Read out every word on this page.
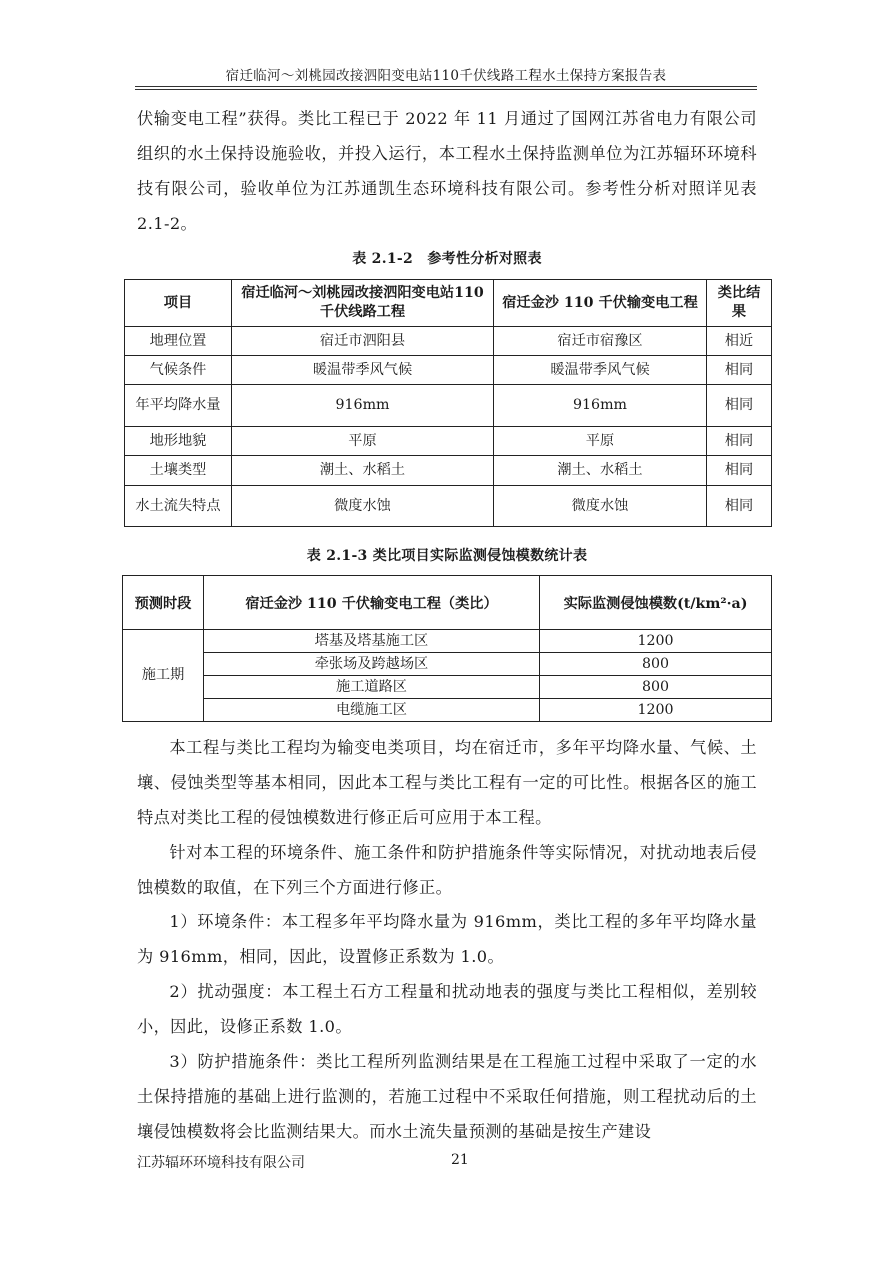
宿迁临河～刘桃园改接泗阳变电站110千伏线路工程水土保持方案报告表

伏输变电工程”获得。类比工程已于 2022 年 11 月通过了国网江苏省电力有限公司组织的水土保持设施验收，并投入运行，本工程水土保持监测单位为江苏辐环环境科技有限公司，验收单位为江苏通凯生态环境科技有限公司。参考性分析对照详见表 2.1-2。

表 2.1-2　参考性分析对照表
项目	宿迁临河～刘桃园改接泗阳变电站110 千伏线路工程	宿迁金沙 110 千伏输变电工程	类比结果
地理位置	宿迁市泗阳县	宿迁市宿豫区	相近
气候条件	暖温带季风气候	暖温带季风气候	相同
年平均降水量	916mm	916mm	相同
地形地貌	平原	平原	相同
土壤类型	潮土、水稻土	潮土、水稻土	相同
水土流失特点	微度水蚀	微度水蚀	相同
表 2.1-3 类比项目实际监测侵蚀模数统计表
预测时段	宿迁金沙 110 千伏输变电工程（类比）	实际监测侵蚀模数(t/km²·a)
施工期	塔基及塔基施工区	1200
	牵张场及跨越场区	800
	施工道路区	800
	电缆施工区	1200

本工程与类比工程均为输变电类项目，均在宿迁市，多年平均降水量、气候、土壤、侵蚀类型等基本相同，因此本工程与类比工程有一定的可比性。根据各区的施工特点对类比工程的侵蚀模数进行修正后可应用于本工程。

针对本工程的环境条件、施工条件和防护措施条件等实际情况，对扰动地表后侵蚀模数的取值，在下列三个方面进行修正。

1）环境条件：本工程多年平均降水量为 916mm，类比工程的多年平均降水量为 916mm，相同，因此，设置修正系数为 1.0。

2）扰动强度：本工程土石方工程量和扰动地表的强度与类比工程相似，差别较小，因此，设修正系数 1.0。

3）防护措施条件：类比工程所列监测结果是在工程施工过程中采取了一定的水土保持措施的基础上进行监测的，若施工过程中不采取任何措施，则工程扰动后的土壤侵蚀模数将会比监测结果大。而水土流失量预测的基础是按生产建设

江苏辐环环境科技有限公司	21
